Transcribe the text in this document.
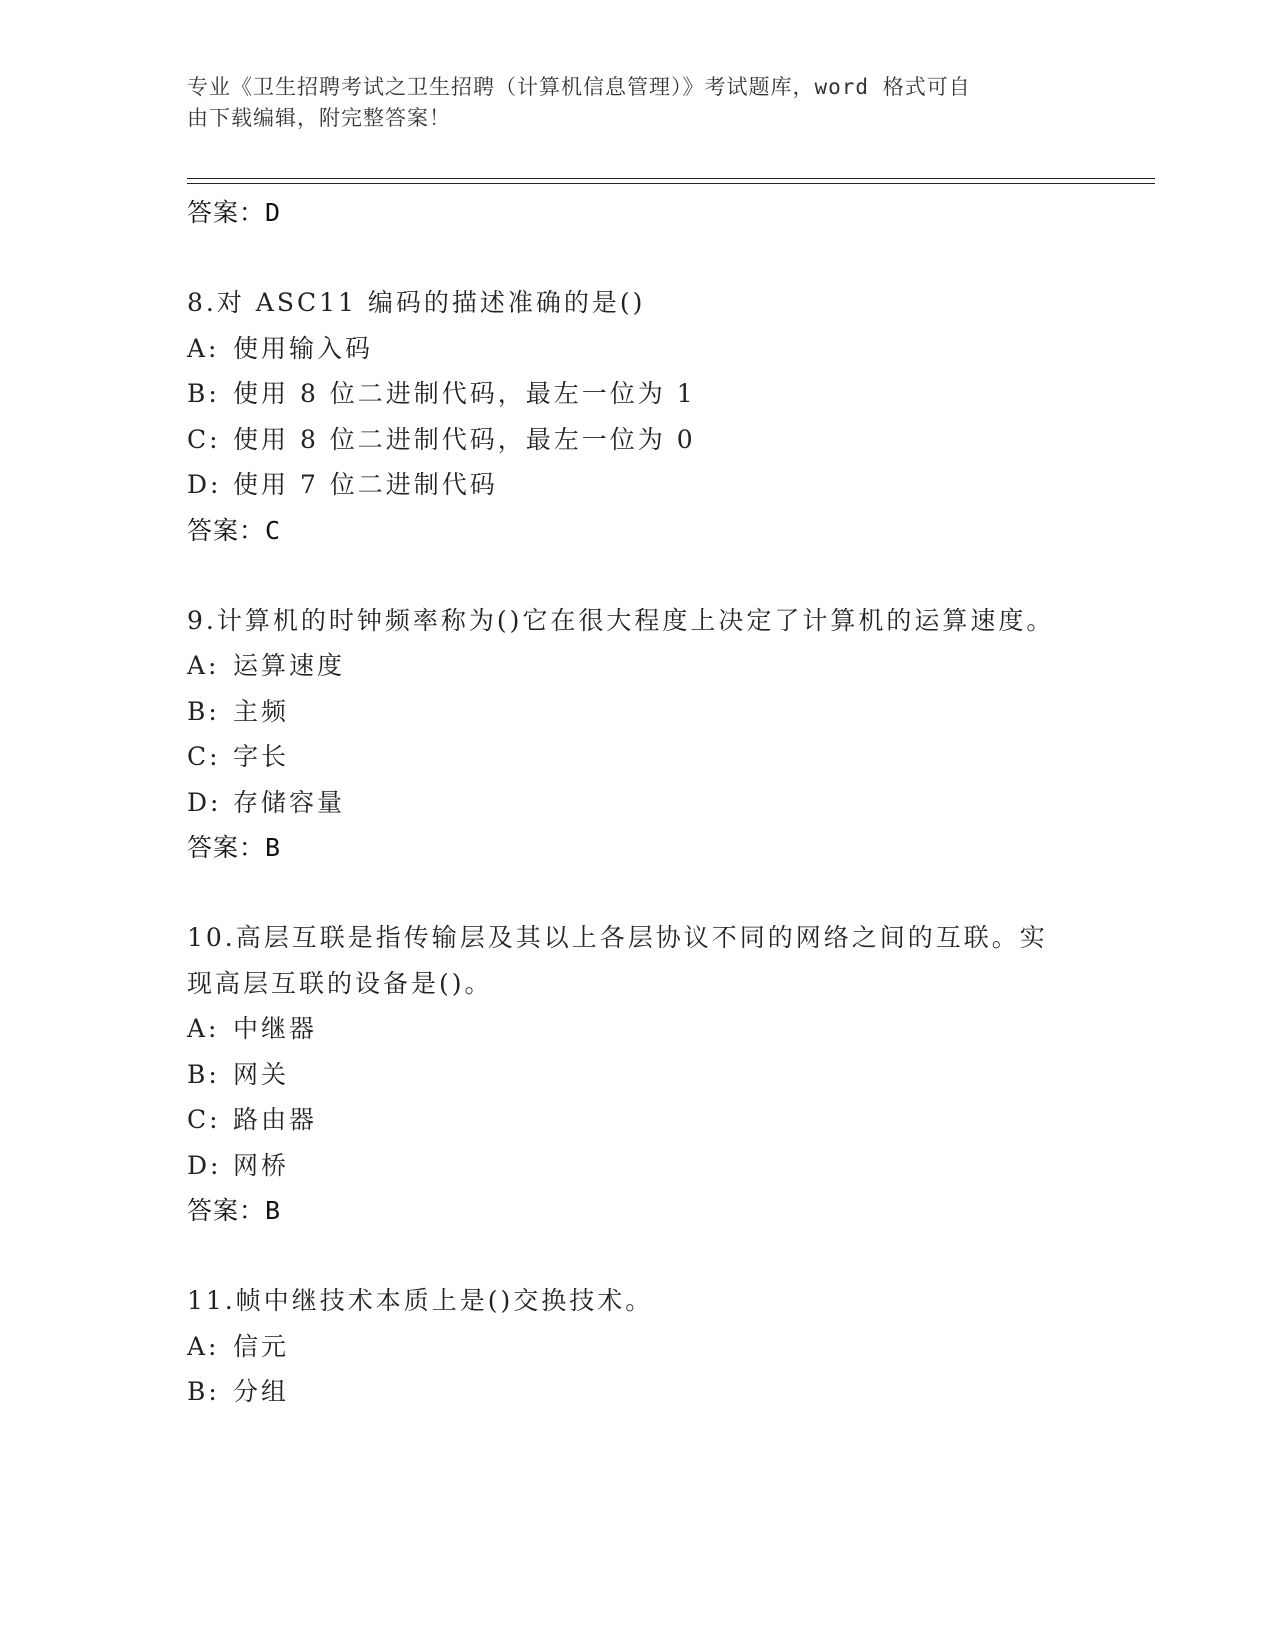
专业《卫生招聘考试之卫生招聘（计算机信息管理）》考试题库，word 格式可自
由下载编辑，附完整答案！
答案：D
8.对 ASC11 编码的描述准确的是()
A: 使用输入码
B: 使用 8 位二进制代码，最左一位为 1
C: 使用 8 位二进制代码，最左一位为 0
D: 使用 7 位二进制代码
答案：C
9.计算机的时钟频率称为()它在很大程度上决定了计算机的运算速度。
A: 运算速度
B: 主频
C: 字长
D: 存储容量
答案：B
10.高层互联是指传输层及其以上各层协议不同的网络之间的互联。实现高层互联的设备是()。
A: 中继器
B: 网关
C: 路由器
D: 网桥
答案：B
11.帧中继技术本质上是()交换技术。
A: 信元
B: 分组
